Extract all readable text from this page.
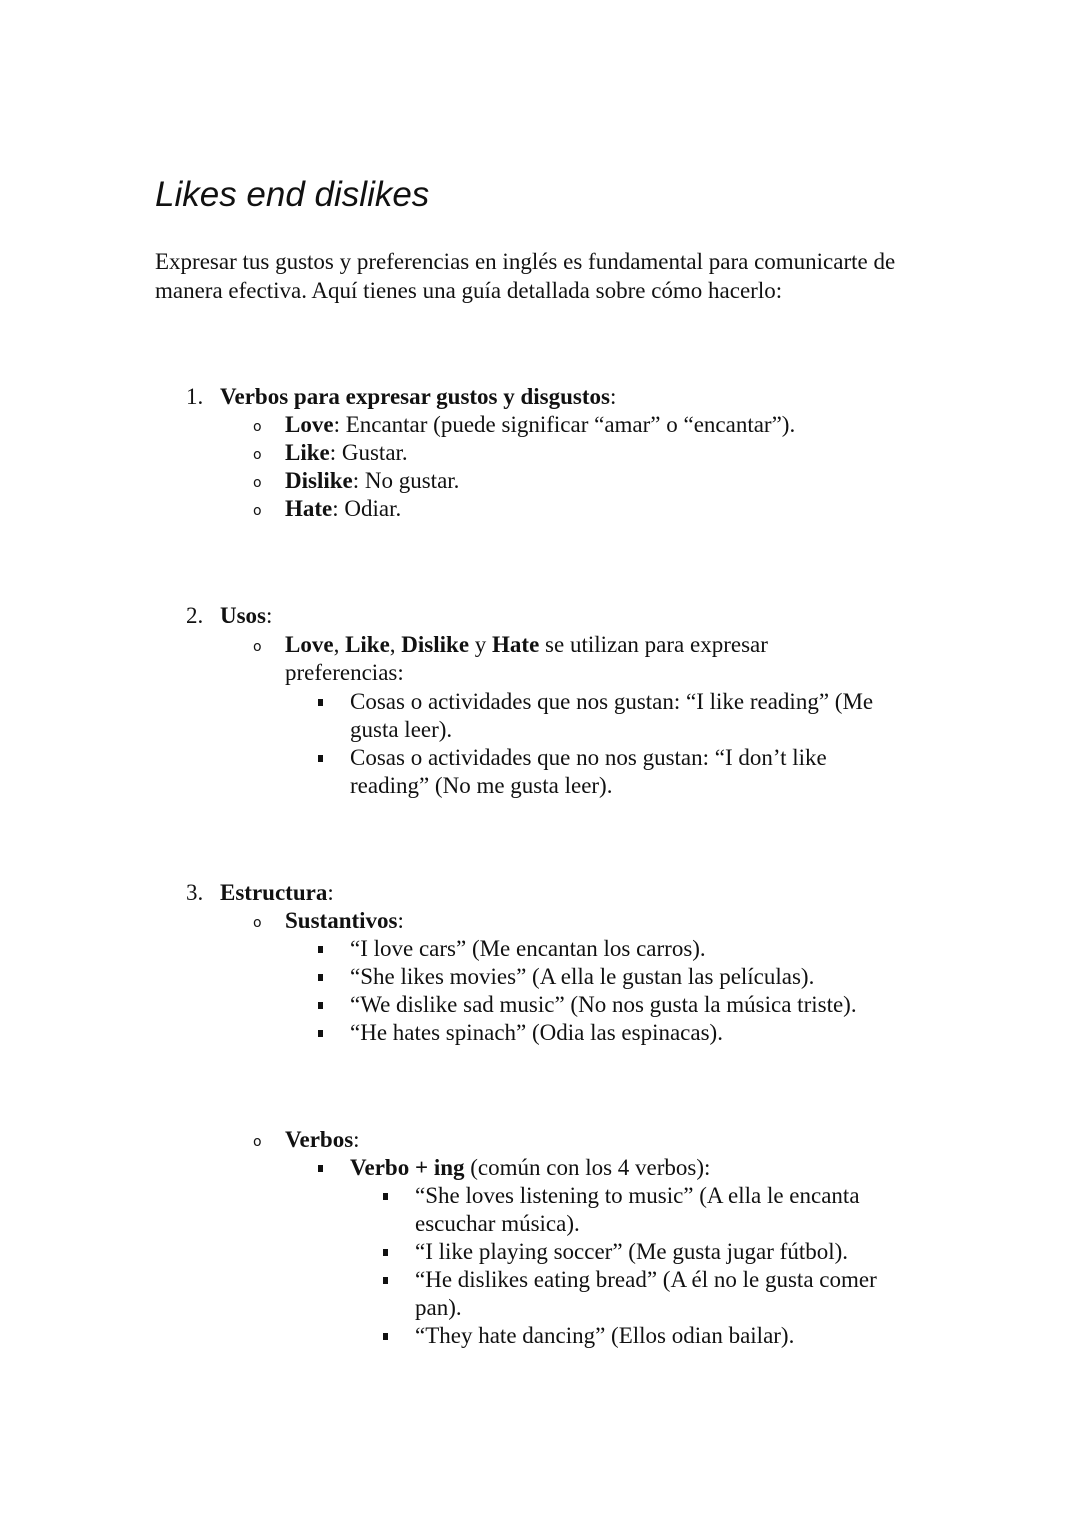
Likes end dislikes

Expresar tus gustos y preferencias en inglés es fundamental para comunicarte de manera efectiva. Aquí tienes una guía detallada sobre cómo hacerlo:

1. Verbos para expresar gustos y disgustos:
o Love: Encantar (puede significar “amar” o “encantar”).
o Like: Gustar.
o Dislike: No gustar.
o Hate: Odiar.
2. Usos:
o Love, Like, Dislike y Hate se utilizan para expresar preferencias:
Cosas o actividades que nos gustan: “I like reading” (Me gusta leer).
Cosas o actividades que no nos gustan: “I don’t like reading” (No me gusta leer).
3. Estructura:
o Sustantivos:
“I love cars” (Me encantan los carros).
“She likes movies” (A ella le gustan las películas).
“We dislike sad music” (No nos gusta la música triste).
“He hates spinach” (Odia las espinacas).
o Verbos:
Verbo + ing (común con los 4 verbos):
“She loves listening to music” (A ella le encanta escuchar música).
“I like playing soccer” (Me gusta jugar fútbol).
“He dislikes eating bread” (A él no le gusta comer pan).
“They hate dancing” (Ellos odian bailar).
